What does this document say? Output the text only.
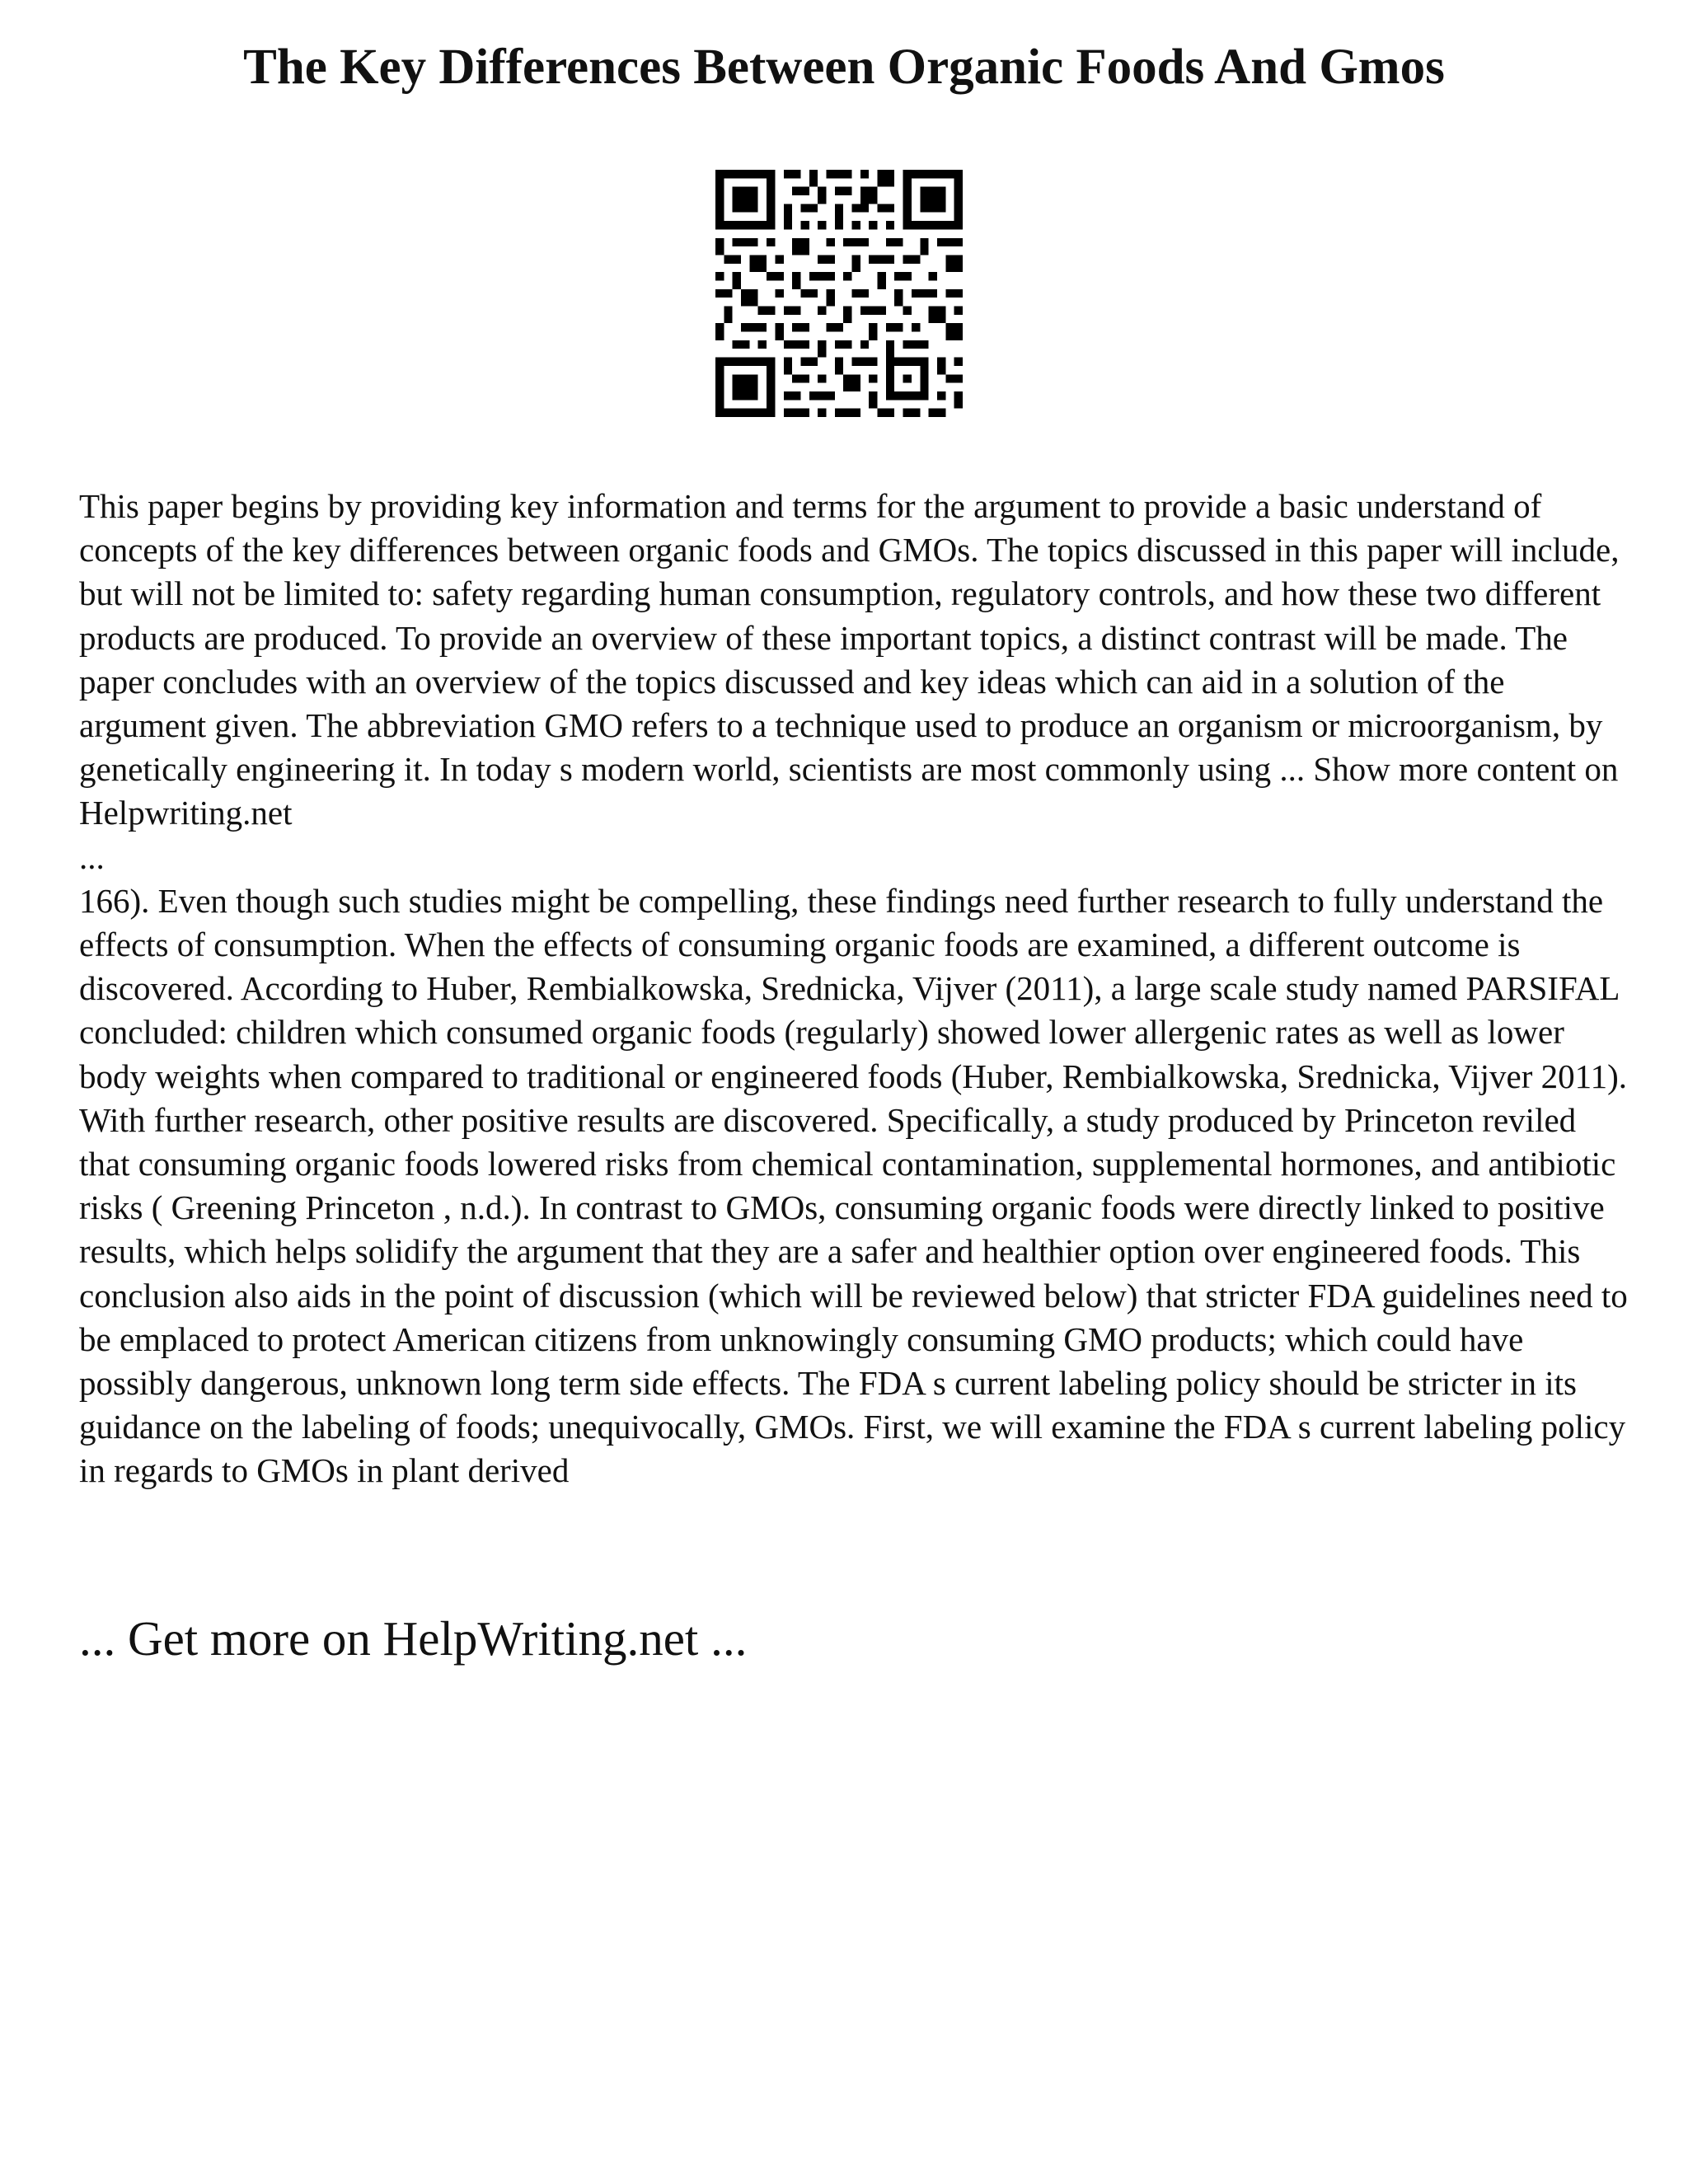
The Key Differences Between Organic Foods And Gmos

This paper begins by providing key information and terms for the argument to provide a basic understand of concepts of the key differences between organic foods and GMOs. The topics discussed in this paper will include, but will not be limited to: safety regarding human consumption, regulatory controls, and how these two different products are produced. To provide an overview of these important topics, a distinct contrast will be made. The paper concludes with an overview of the topics discussed and key ideas which can aid in a solution of the argument given. The abbreviation GMO refers to a technique used to produce an organism or microorganism, by genetically engineering it. In today s modern world, scientists are most commonly using ... Show more content on Helpwriting.net

...

166). Even though such studies might be compelling, these findings need further research to fully understand the effects of consumption. When the effects of consuming organic foods are examined, a different outcome is discovered. According to Huber, Rembialkowska, Srednicka, Vijver (2011), a large scale study named PARSIFAL concluded: children which consumed organic foods (regularly) showed lower allergenic rates as well as lower body weights when compared to traditional or engineered foods (Huber, Rembialkowska, Srednicka, Vijver 2011). With further research, other positive results are discovered. Specifically, a study produced by Princeton reviled that consuming organic foods lowered risks from chemical contamination, supplemental hormones, and antibiotic risks ( Greening Princeton , n.d.). In contrast to GMOs, consuming organic foods were directly linked to positive results, which helps solidify the argument that they are a safer and healthier option over engineered foods. This conclusion also aids in the point of discussion (which will be reviewed below) that stricter FDA guidelines need to be emplaced to protect American citizens from unknowingly consuming GMO products; which could have possibly dangerous, unknown long term side effects. The FDA s current labeling policy should be stricter in its guidance on the labeling of foods; unequivocally, GMOs. First, we will examine the FDA s current labeling policy in regards to GMOs in plant derived

... Get more on HelpWriting.net ...
